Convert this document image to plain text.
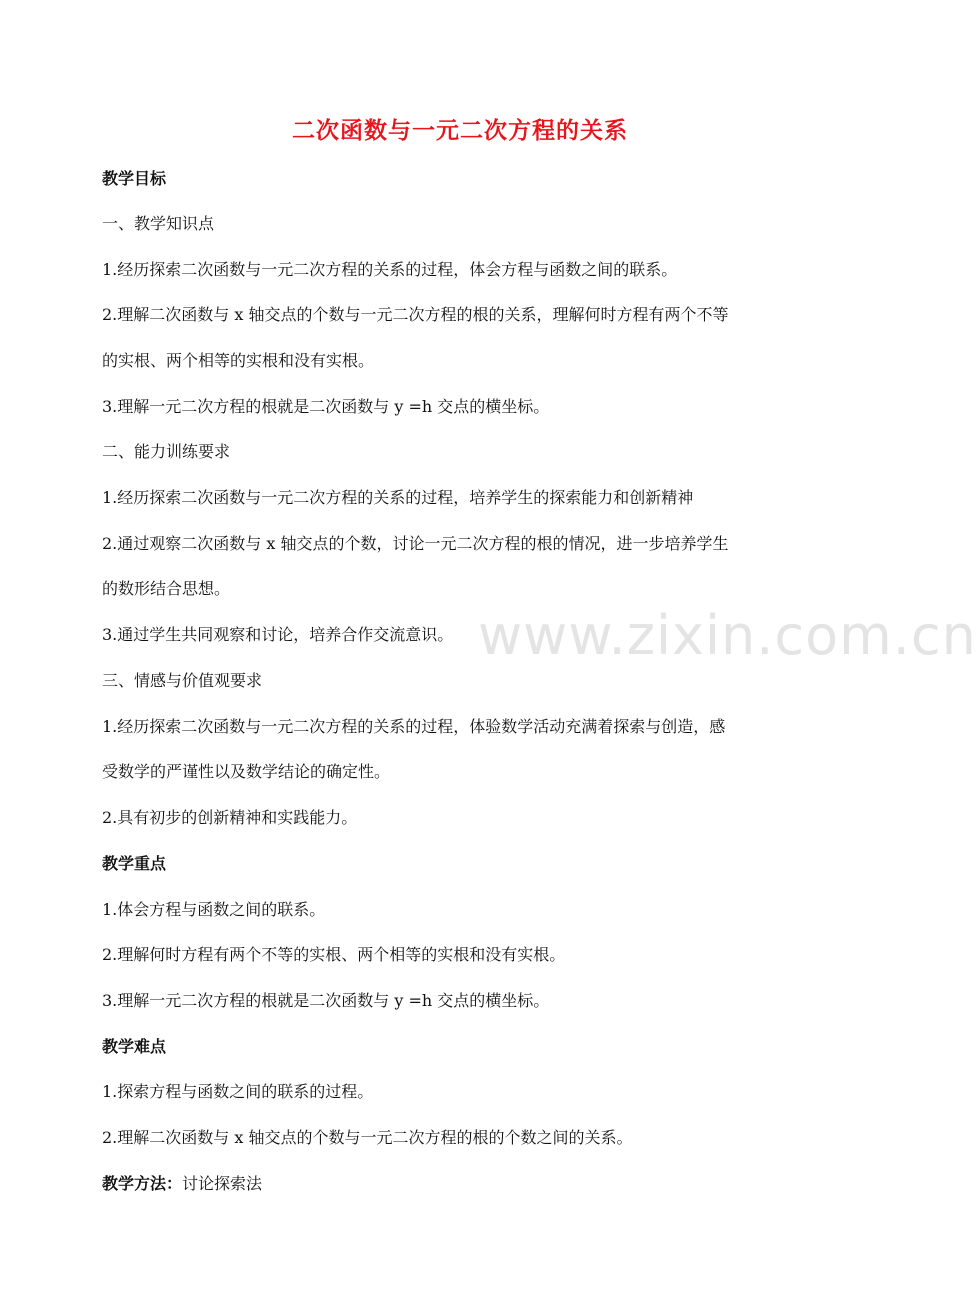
www.zixin.com.cn
二次函数与一元二次方程的关系
教学目标
一、教学知识点
1.经历探索二次函数与一元二次方程的关系的过程，体会方程与函数之间的联系。
2.理解二次函数与 x 轴交点的个数与一元二次方程的根的关系，理解何时方程有两个不等
的实根、两个相等的实根和没有实根。
3.理解一元二次方程的根就是二次函数与 y =h 交点的横坐标。
二、能力训练要求
1.经历探索二次函数与一元二次方程的关系的过程，培养学生的探索能力和创新精神
2.通过观察二次函数与 x 轴交点的个数，讨论一元二次方程的根的情况，进一步培养学生
的数形结合思想。
3.通过学生共同观察和讨论，培养合作交流意识。
三、情感与价值观要求
1.经历探索二次函数与一元二次方程的关系的过程，体验数学活动充满着探索与创造，感
受数学的严谨性以及数学结论的确定性。
2.具有初步的创新精神和实践能力。
教学重点
1.体会方程与函数之间的联系。
2.理解何时方程有两个不等的实根、两个相等的实根和没有实根。
3.理解一元二次方程的根就是二次函数与 y =h 交点的横坐标。
教学难点
1.探索方程与函数之间的联系的过程。
2.理解二次函数与 x 轴交点的个数与一元二次方程的根的个数之间的关系。
教学方法：讨论探索法
